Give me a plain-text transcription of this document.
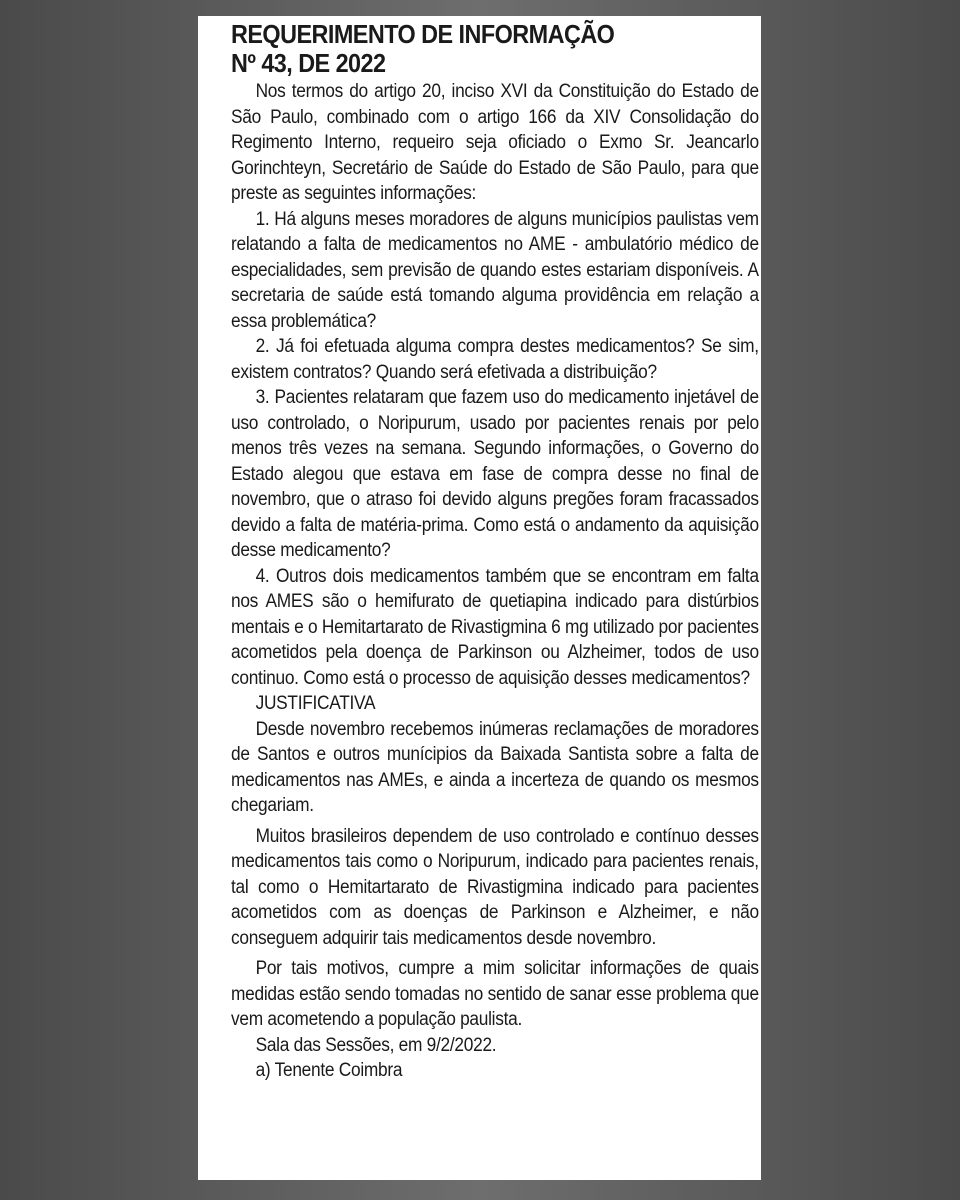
REQUERIMENTO DE INFORMAÇÃO
Nº 43, DE 2022

Nos termos do artigo 20, inciso XVI da Constituição do Estado de São Paulo, combinado com o artigo 166 da XIV Consolidação do Regimento Interno, requeiro seja oficiado o Exmo Sr. Jeancarlo Gorinchteyn, Secretário de Saúde do Estado de São Paulo, para que preste as seguintes informações:

1. Há alguns meses moradores de alguns municípios paulistas vem relatando a falta de medicamentos no AME - ambulatório médico de especialidades, sem previsão de quando estes estariam disponíveis. A secretaria de saúde está tomando alguma providência em relação a essa problemática?

2. Já foi efetuada alguma compra destes medicamentos? Se sim, existem contratos? Quando será efetivada a distribuição?

3. Pacientes relataram que fazem uso do medicamento injetável de uso controlado, o Noripurum, usado por pacientes renais por pelo menos três vezes na semana. Segundo informações, o Governo do Estado alegou que estava em fase de compra desse no final de novembro, que o atraso foi devido alguns pregões foram fracassados devido a falta de matéria-prima. Como está o andamento da aquisição desse medicamento?

4. Outros dois medicamentos também que se encontram em falta nos AMES são o hemifurato de quetiapina indicado para distúrbios mentais e o Hemitartarato de Rivastigmina 6 mg utilizado por pacientes acometidos pela doença de Parkinson ou Alzheimer, todos de uso continuo. Como está o processo de aquisição desses medicamentos?

JUSTIFICATIVA

Desde novembro recebemos inúmeras reclamações de moradores de Santos e outros munícipios da Baixada Santista sobre a falta de medicamentos nas AMEs, e ainda a incerteza de quando os mesmos chegariam.

Muitos brasileiros dependem de uso controlado e contínuo desses medicamentos tais como o Noripurum, indicado para pacientes renais, tal como o Hemitartarato de Rivastigmina indicado para pacientes acometidos com as doenças de Parkinson e Alzheimer, e não conseguem adquirir tais medicamentos desde novembro.

Por tais motivos, cumpre a mim solicitar informações de quais medidas estão sendo tomadas no sentido de sanar esse problema que vem acometendo a população paulista.

Sala das Sessões, em 9/2/2022.

a) Tenente Coimbra
